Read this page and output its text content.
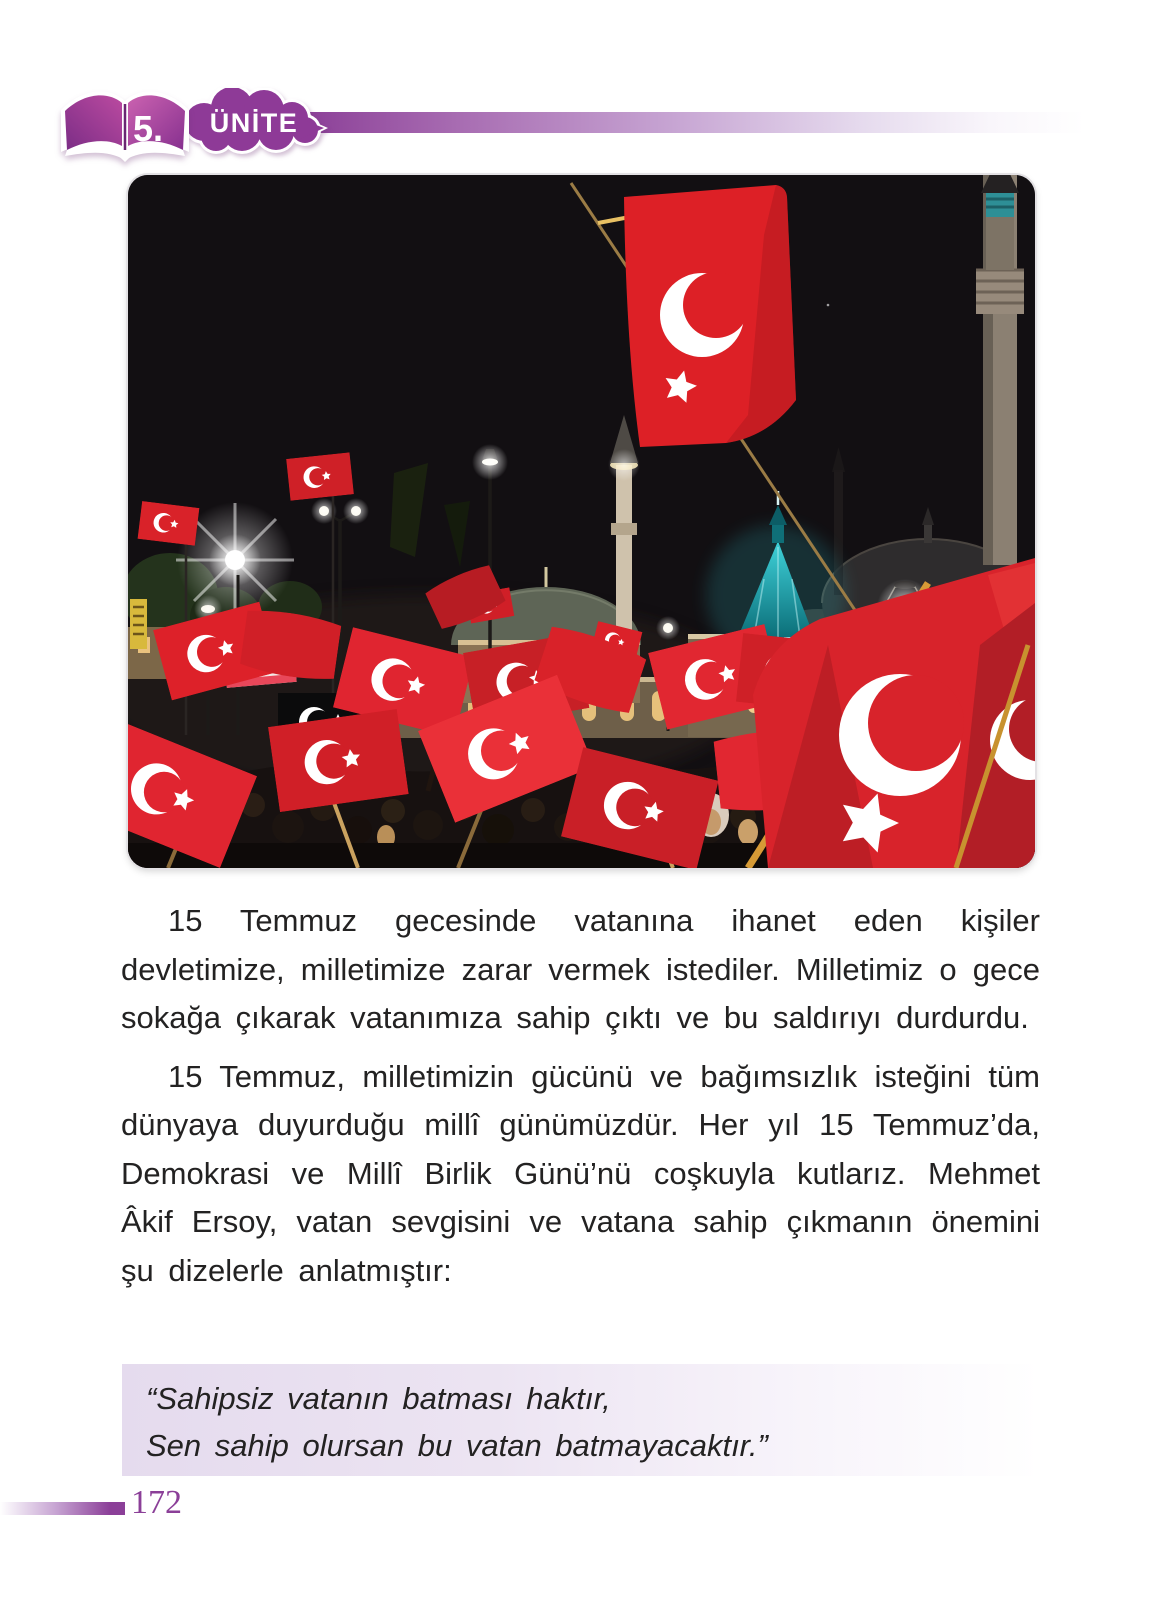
ÜNİTE
5.

15 Temmuz gecesinde vatanına ihanet eden kişiler devletimize, milletimize zarar vermek istediler. Milletimiz o gece sokağa çıkarak vatanımıza sahip çıktı ve bu saldırıyı durdurdu.

15 Temmuz, milletimizin gücünü ve bağımsızlık isteğini tüm dünyaya duyurduğu millî günümüzdür. Her yıl 15 Temmuz’da, Demokrasi ve Millî Birlik Günü’nü coşkuyla kutlarız. Mehmet Âkif Ersoy, vatan sevgisini ve vatana sahip çıkmanın önemini şu dizelerle anlatmıştır:

“Sahipsiz vatanın batması haktır,
Sen sahip olursan bu vatan batmayacaktır.”
172
